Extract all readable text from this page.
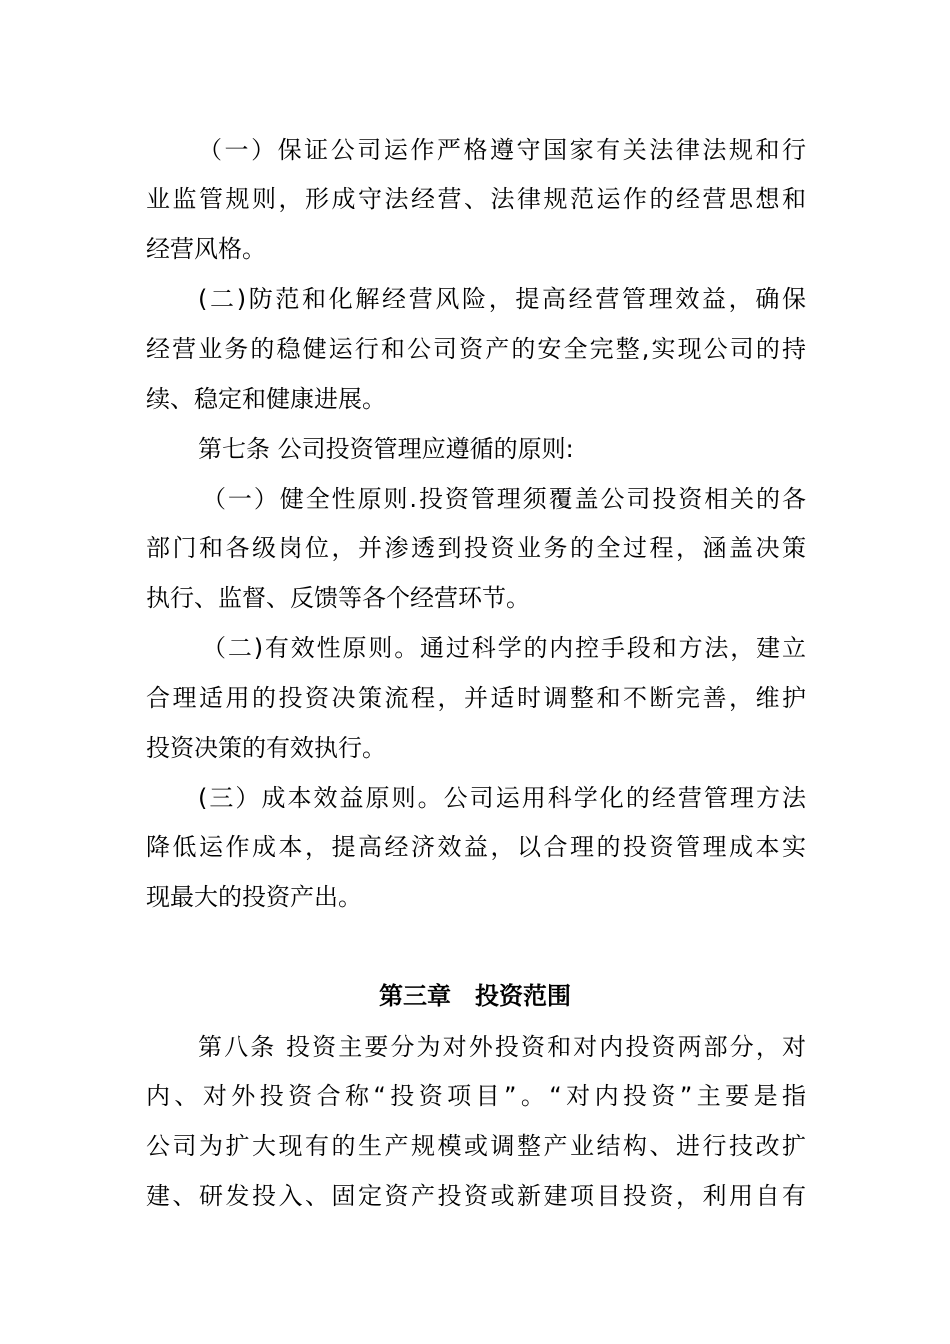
（一）保证公司运作严格遵守国家有关法律法规和行
业监管规则，形成守法经营、法律规范运作的经营思想和
经营风格。
(二)防范和化解经营风险，提高经营管理效益，确保
经营业务的稳健运行和公司资产的安全完整,实现公司的持
续、稳定和健康进展。
第七条 公司投资管理应遵循的原则:
（一）健全性原则.投资管理须覆盖公司投资相关的各
部门和各级岗位，并渗透到投资业务的全过程，涵盖决策
执行、监督、反馈等各个经营环节。
（二)有效性原则。通过科学的内控手段和方法，建立
合理适用的投资决策流程，并适时调整和不断完善，维护
投资决策的有效执行。
(三）成本效益原则。公司运用科学化的经营管理方法
降低运作成本，提高经济效益，以合理的投资管理成本实
现最大的投资产出。
第三章　投资范围
第八条 投资主要分为对外投资和对内投资两部分，对
内、对外投资合称“投资项目”。“对内投资”主要是指
公司为扩大现有的生产规模或调整产业结构、进行技改扩
建、研发投入、固定资产投资或新建项目投资，利用自有
